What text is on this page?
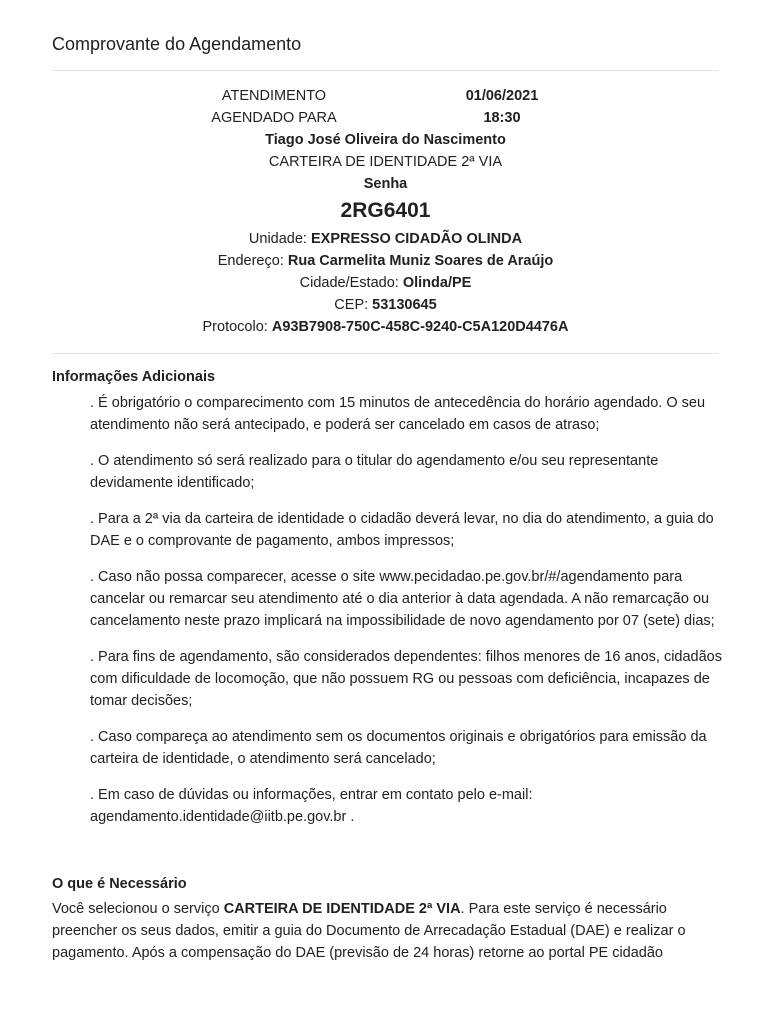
Comprovante do Agendamento
ATENDIMENTO	01/06/2021
AGENDADO PARA	18:30
Tiago José Oliveira do Nascimento
CARTEIRA DE IDENTIDADE 2ª VIA
Senha
2RG6401
Unidade: EXPRESSO CIDADÃO OLINDA
Endereço: Rua Carmelita Muniz Soares de Araújo
Cidade/Estado: Olinda/PE
CEP: 53130645
Protocolo: A93B7908-750C-458C-9240-C5A120D4476A
Informações Adicionais
. É obrigatório o comparecimento com 15 minutos de antecedência do horário agendado. O seu atendimento não será antecipado, e poderá ser cancelado em casos de atraso;
. O atendimento só será realizado para o titular do agendamento e/ou seu representante devidamente identificado;
. Para a 2ª via da carteira de identidade o cidadão deverá levar, no dia do atendimento, a guia do DAE e o comprovante de pagamento, ambos impressos;
. Caso não possa comparecer, acesse o site www.pecidadao.pe.gov.br/#/agendamento para cancelar ou remarcar seu atendimento até o dia anterior à data agendada. A não remarcação ou cancelamento neste prazo implicará na impossibilidade de novo agendamento por 07 (sete) dias;
. Para fins de agendamento, são considerados dependentes: filhos menores de 16 anos, cidadãos com dificuldade de locomoção, que não possuem RG ou pessoas com deficiência, incapazes de tomar decisões;
. Caso compareça ao atendimento sem os documentos originais e obrigatórios para emissão da carteira de identidade, o atendimento será cancelado;
. Em caso de dúvidas ou informações, entrar em contato pelo e-mail: agendamento.identidade@iitb.pe.gov.br .
O que é Necessário

Você selecionou o serviço CARTEIRA DE IDENTIDADE 2ª VIA. Para este serviço é necessário preencher os seus dados, emitir a guia do Documento de Arrecadação Estadual (DAE) e realizar o pagamento. Após a compensação do DAE (previsão de 24 horas) retorne ao portal PE cidadão
